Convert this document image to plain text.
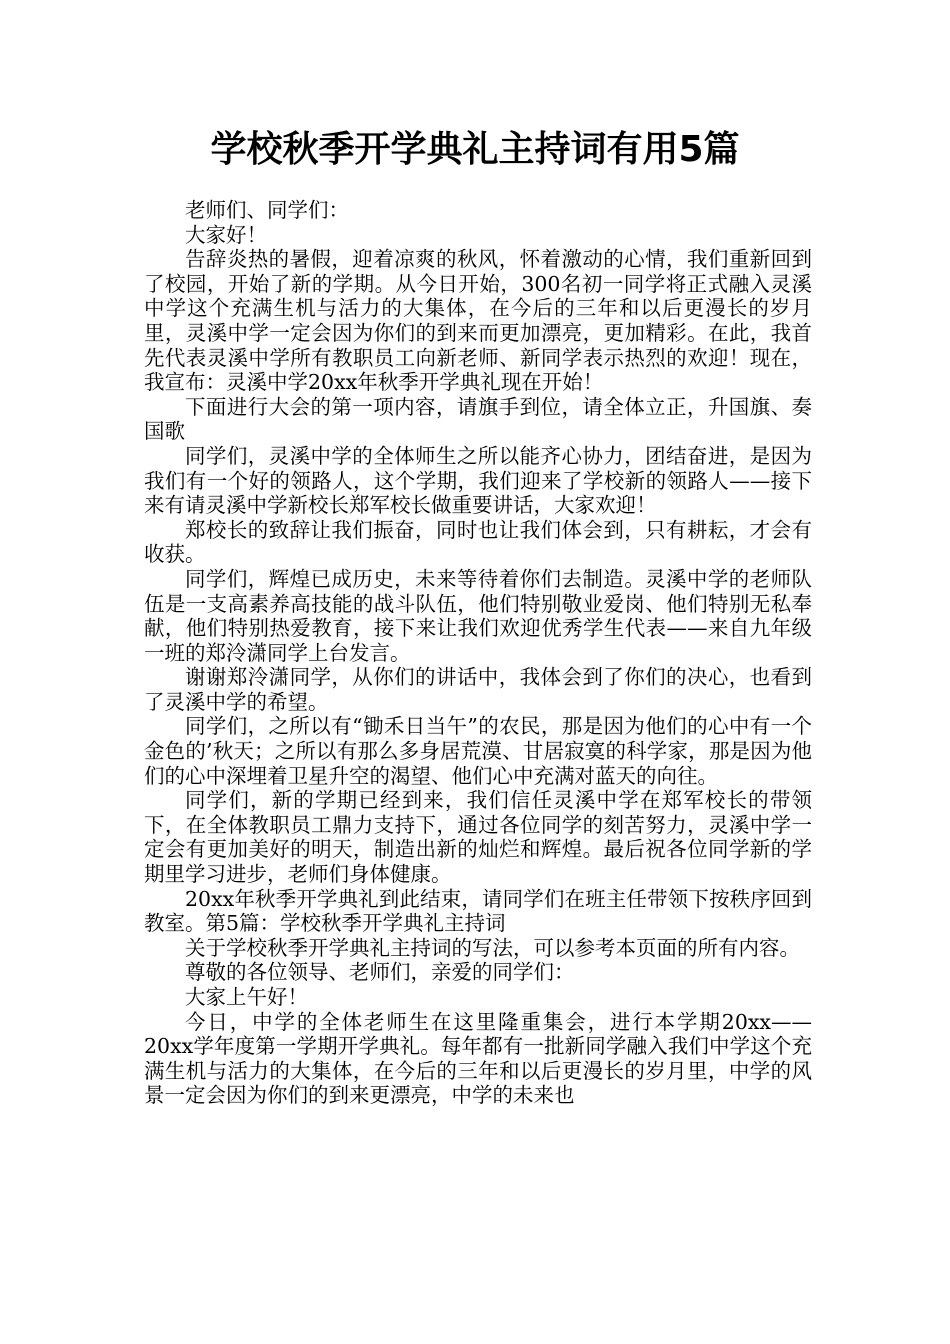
学校秋季开学典礼主持词有用5篇

老师们、同学们：

大家好！

告辞炎热的暑假，迎着凉爽的秋风，怀着激动的心情，我们重新回到了校园，开始了新的学期。从今日开始，300名初一同学将正式融入灵溪中学这个充满生机与活力的大集体，在今后的三年和以后更漫长的岁月里，灵溪中学一定会因为你们的到来而更加漂亮，更加精彩。在此，我首先代表灵溪中学所有教职员工向新老师、新同学表示热烈的欢迎！现在，我宣布：灵溪中学20xx年秋季开学典礼现在开始！

下面进行大会的第一项内容，请旗手到位，请全体立正，升国旗、奏国歌

同学们，灵溪中学的全体师生之所以能齐心协力，团结奋进，是因为我们有一个好的领路人，这个学期，我们迎来了学校新的领路人——接下来有请灵溪中学新校长郑军校长做重要讲话，大家欢迎！

郑校长的致辞让我们振奋，同时也让我们体会到，只有耕耘，才会有收获。

同学们，辉煌已成历史，未来等待着你们去制造。灵溪中学的老师队伍是一支高素养高技能的战斗队伍，他们特别敬业爱岗、他们特别无私奉献，他们特别热爱教育，接下来让我们欢迎优秀学生代表——来自九年级一班的郑泠潇同学上台发言。

谢谢郑泠潇同学，从你们的讲话中，我体会到了你们的决心，也看到了灵溪中学的希望。

同学们，之所以有“锄禾日当午”的农民，那是因为他们的心中有一个金色的’秋天；之所以有那么多身居荒漠、甘居寂寞的科学家，那是因为他们的心中深埋着卫星升空的渴望、他们心中充满对蓝天的向往。

同学们，新的学期已经到来，我们信任灵溪中学在郑军校长的带领下，在全体教职员工鼎力支持下，通过各位同学的刻苦努力，灵溪中学一定会有更加美好的明天，制造出新的灿烂和辉煌。最后祝各位同学新的学期里学习进步，老师们身体健康。

20xx年秋季开学典礼到此结束，请同学们在班主任带领下按秩序回到教室。第5篇：学校秋季开学典礼主持词

关于学校秋季开学典礼主持词的写法，可以参考本页面的所有内容。

尊敬的各位领导、老师们，亲爱的同学们：

大家上午好！

今日，中学的全体老师生在这里隆重集会，进行本学期20xx——20xx学年度第一学期开学典礼。每年都有一批新同学融入我们中学这个充满生机与活力的大集体，在今后的三年和以后更漫长的岁月里，中学的风景一定会因为你们的到来更漂亮，中学的未来也
